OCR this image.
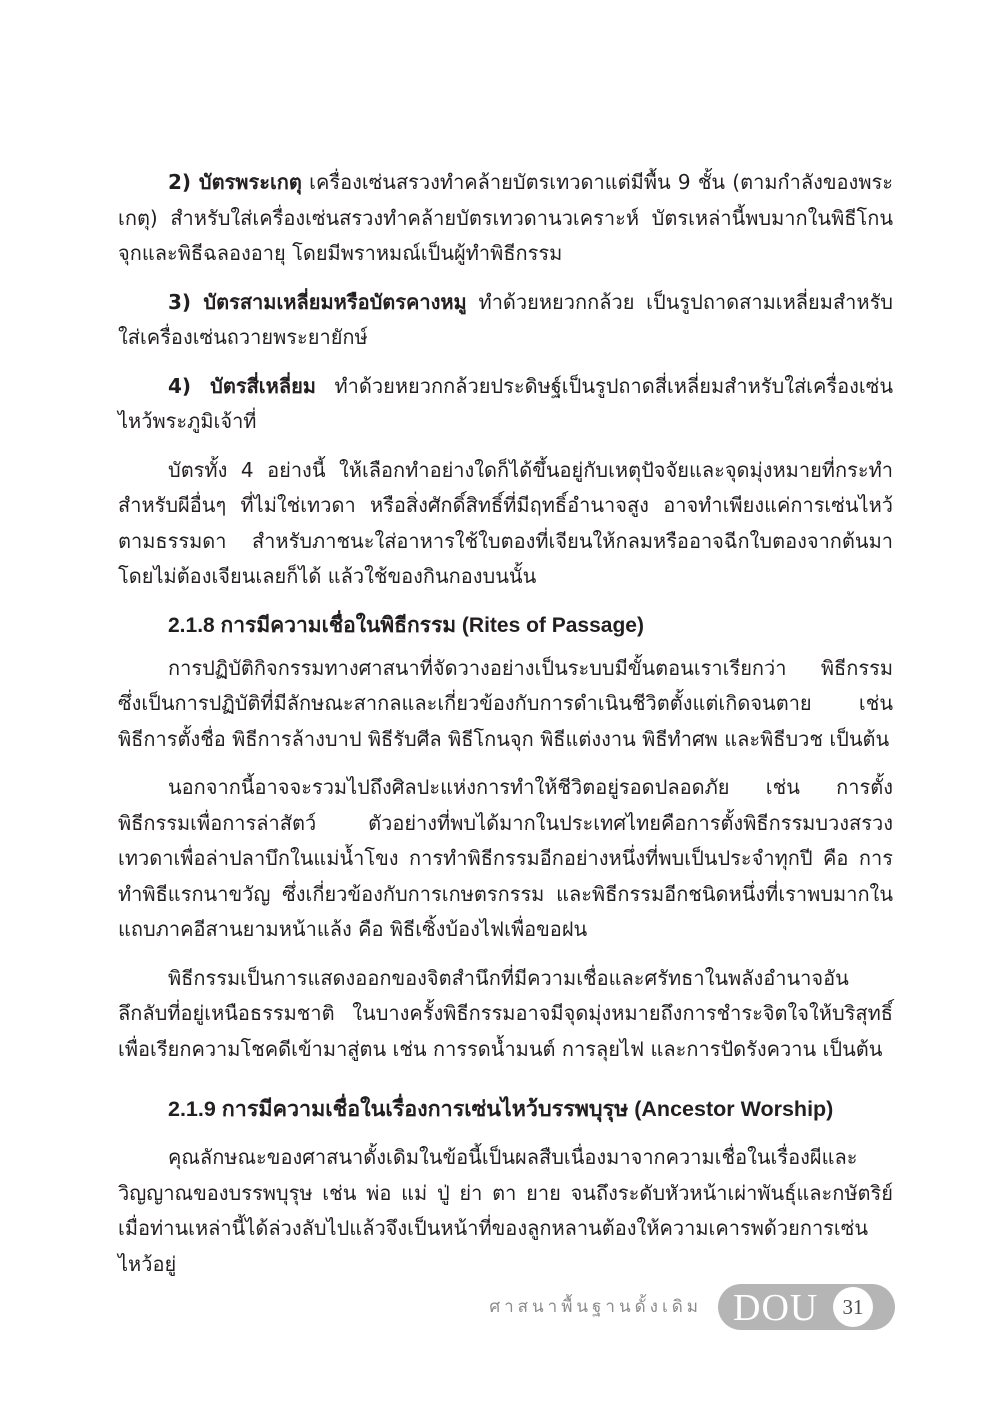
2) บัตรพระเกตุ เครื่องเซ่นสรวงทำคล้ายบัตรเทวดาแต่มีพื้น 9 ชั้น (ตามกำลังของพระเกตุ) สำหรับใส่เครื่องเซ่นสรวงทำคล้ายบัตรเทวดานวเคราะห์ บัตรเหล่านี้พบมากในพิธีโกนจุกและพิธีฉลองอายุ โดยมีพราหมณ์เป็นผู้ทำพิธีกรรม

3) บัตรสามเหลี่ยมหรือบัตรคางหมู ทำด้วยหยวกกล้วย เป็นรูปถาดสามเหลี่ยมสำหรับใส่เครื่องเซ่นถวายพระยายักษ์

4) บัตรสี่เหลี่ยม ทำด้วยหยวกกล้วยประดิษฐ์เป็นรูปถาดสี่เหลี่ยมสำหรับใส่เครื่องเซ่นไหว้พระภูมิเจ้าที่

บัตรทั้ง 4 อย่างนี้ ให้เลือกทำอย่างใดก็ได้ขึ้นอยู่กับเหตุปัจจัยและจุดมุ่งหมายที่กระทำสำหรับผีอื่นๆ ที่ไม่ใช่เทวดา หรือสิ่งศักดิ์สิทธิ์ที่มีฤทธิ์อำนาจสูง อาจทำเพียงแค่การเซ่นไหว้ตามธรรมดา สำหรับภาชนะใส่อาหารใช้ใบตองที่เจียนให้กลมหรืออาจฉีกใบตองจากต้นมาโดยไม่ต้องเจียนเลยก็ได้ แล้วใช้ของกินกองบนนั้น

2.1.8 การมีความเชื่อในพิธีกรรม (Rites of Passage)

การปฏิบัติกิจกรรมทางศาสนาที่จัดวางอย่างเป็นระบบมีขั้นตอนเราเรียกว่า พิธีกรรม ซึ่งเป็นการปฏิบัติที่มีลักษณะสากลและเกี่ยวข้องกับการดำเนินชีวิตตั้งแต่เกิดจนตาย เช่น พิธีการตั้งชื่อ พิธีการล้างบาป พิธีรับศีล พิธีโกนจุก พิธีแต่งงาน พิธีทำศพ และพิธีบวช เป็นต้น

นอกจากนี้อาจจะรวมไปถึงศิลปะแห่งการทำให้ชีวิตอยู่รอดปลอดภัย เช่น การตั้งพิธีกรรมเพื่อการล่าสัตว์ ตัวอย่างที่พบได้มากในประเทศไทยคือการตั้งพิธีกรรมบวงสรวงเทวดาเพื่อล่าปลาบึกในแม่น้ำโขง การทำพิธีกรรมอีกอย่างหนึ่งที่พบเป็นประจำทุกปี คือ การทำพิธีแรกนาขวัญ ซึ่งเกี่ยวข้องกับการเกษตรกรรม และพิธีกรรมอีกชนิดหนึ่งที่เราพบมากในแถบภาคอีสานยามหน้าแล้ง คือ พิธีเซิ้งบ้องไฟเพื่อขอฝน

พิธีกรรมเป็นการแสดงออกของจิตสำนึกที่มีความเชื่อและศรัทธาในพลังอำนาจอันลึกลับที่อยู่เหนือธรรมชาติ ในบางครั้งพิธีกรรมอาจมีจุดมุ่งหมายถึงการชำระจิตใจให้บริสุทธิ์เพื่อเรียกความโชคดีเข้ามาสู่ตน เช่น การรดน้ำมนต์ การลุยไฟ และการปัดรังควาน เป็นต้น

2.1.9 การมีความเชื่อในเรื่องการเซ่นไหว้บรรพบุรุษ (Ancestor Worship)

คุณลักษณะของศาสนาดั้งเดิมในข้อนี้เป็นผลสืบเนื่องมาจากความเชื่อในเรื่องผีและวิญญาณของบรรพบุรุษ เช่น พ่อ แม่ ปู่ ย่า ตา ยาย จนถึงระดับหัวหน้าเผ่าพันธุ์และกษัตริย์ เมื่อท่านเหล่านี้ได้ล่วงลับไปแล้วจึงเป็นหน้าที่ของลูกหลานต้องให้ความเคารพด้วยการเซ่นไหว้อยู่

ศาสนาพื้นฐานดั้งเดิม DOU	31
